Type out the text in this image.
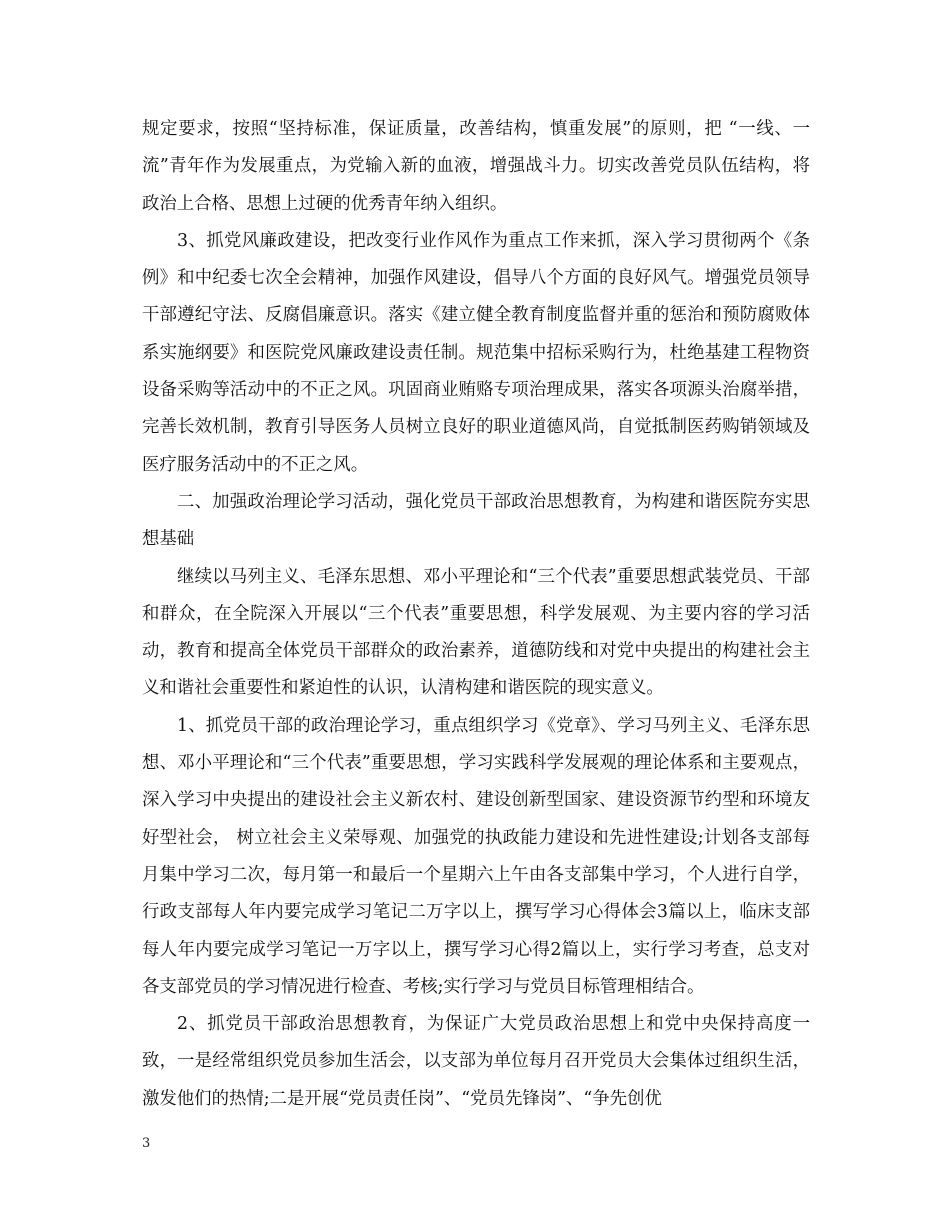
规定要求，按照“坚持标准，保证质量，改善结构，慎重发展”的原则，把 “一线、一流”青年作为发展重点，为党输入新的血液，增强战斗力。切实改善党员队伍结构，将政治上合格、思想上过硬的优秀青年纳入组织。

3、抓党风廉政建设，把改变行业作风作为重点工作来抓，深入学习贯彻两个《条例》和中纪委七次全会精神，加强作风建设，倡导八个方面的良好风气。增强党员领导干部遵纪守法、反腐倡廉意识。落实《建立健全教育制度监督并重的惩治和预防腐败体系实施纲要》和医院党风廉政建设责任制。规范集中招标采购行为，杜绝基建工程物资设备采购等活动中的不正之风。巩固商业贿赂专项治理成果，落实各项源头治腐举措，完善长效机制，教育引导医务人员树立良好的职业道德风尚，自觉抵制医药购销领域及医疗服务活动中的不正之风。

二、加强政治理论学习活动，强化党员干部政治思想教育，为构建和谐医院夯实思想基础

继续以马列主义、毛泽东思想、邓小平理论和“三个代表”重要思想武装党员、干部和群众，在全院深入开展以“三个代表”重要思想，科学发展观、为主要内容的学习活动，教育和提高全体党员干部群众的政治素养，道德防线和对党中央提出的构建社会主义和谐社会重要性和紧迫性的认识，认清构建和谐医院的现实意义。

1、抓党员干部的政治理论学习，重点组织学习《党章》、学习马列主义、毛泽东思想、邓小平理论和“三个代表”重要思想，学习实践科学发展观的理论体系和主要观点，深入学习中央提出的建设社会主义新农村、建设创新型国家、建设资源节约型和环境友好型社会， 树立社会主义荣辱观、加强党的执政能力建设和先进性建设;计划各支部每月集中学习二次，每月第一和最后一个星期六上午由各支部集中学习，个人进行自学，行政支部每人年内要完成学习笔记二万字以上，撰写学习心得体会3篇以上，临床支部每人年内要完成学习笔记一万字以上，撰写学习心得2篇以上，实行学习考查，总支对各支部党员的学习情况进行检查、考核;实行学习与党员目标管理相结合。

2、抓党员干部政治思想教育，为保证广大党员政治思想上和党中央保持高度一致，一是经常组织党员参加生活会，以支部为单位每月召开党员大会集体过组织生活，激发他们的热情;二是开展“党员责任岗”、“党员先锋岗”、“争先创优

3
